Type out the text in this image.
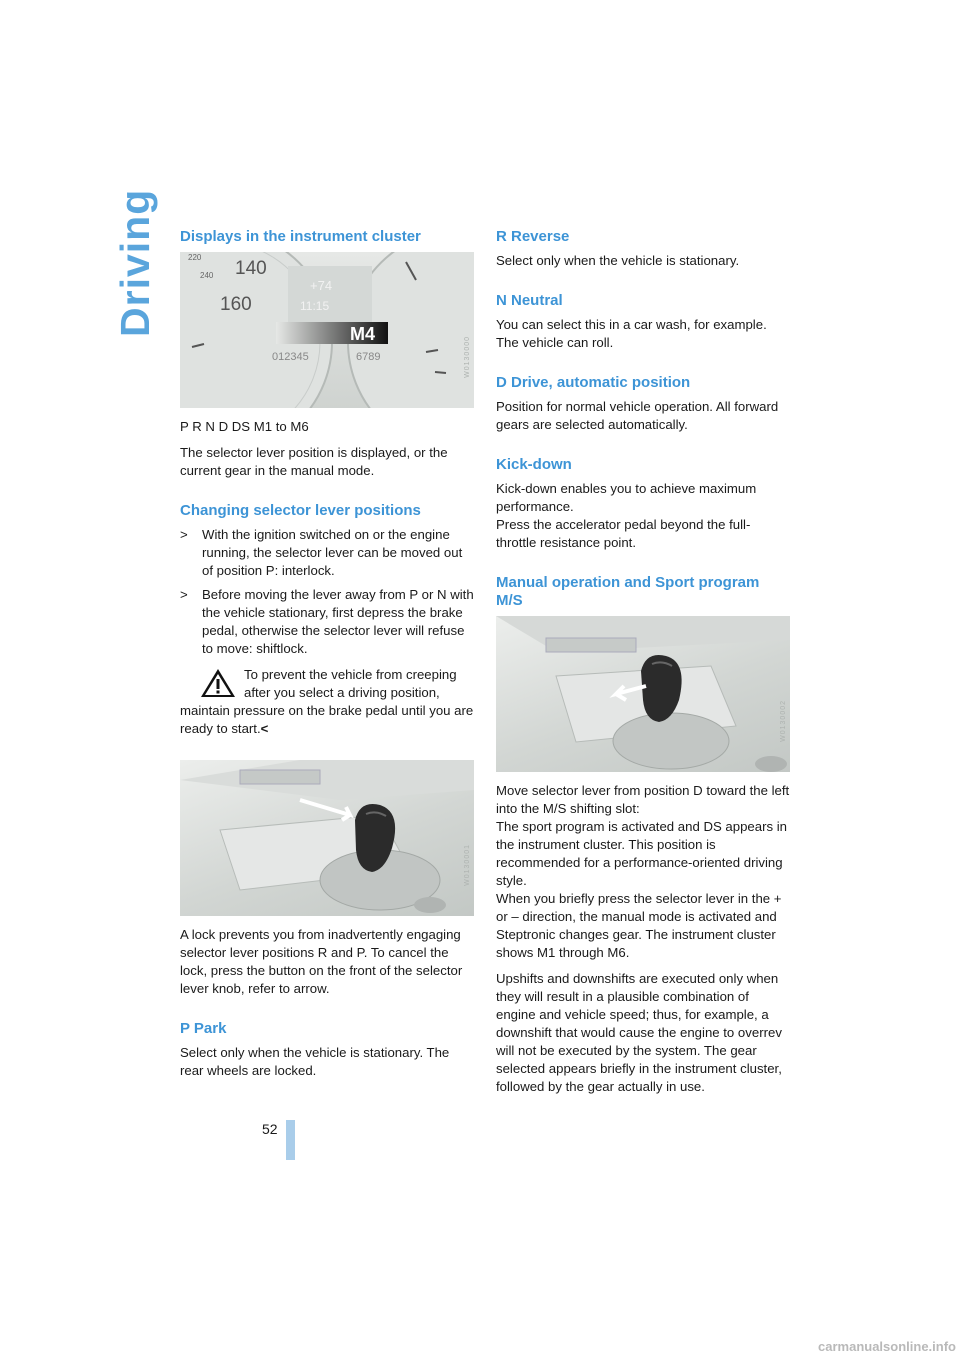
Driving Displays in the instrument cluster
140
160
220
240
+74
11:15
M4
012345	6789	W0130000

P R N D DS M1 to M6

The selector lever position is displayed, or the current gear in the manual mode.

Changing selector lever positions
> With the ignition switched on or the engine running, the selector lever can be moved out of position P: interlock.
> Before moving the lever away from P or N with the vehicle stationary, first depress the brake pedal, otherwise the selector lever will refuse to move: shiftlock.
To prevent the vehicle from creeping after you select a driving position, maintain pressure on the brake pedal until you are ready to start.<
W0130001

A lock prevents you from inadvertently engaging selector lever positions R and P. To cancel the lock, press the button on the front of the selector lever knob, refer to arrow.

P Park

Select only when the vehicle is stationary. The rear wheels are locked.

R Reverse

Select only when the vehicle is stationary.

N Neutral

You can select this in a car wash, for example. The vehicle can roll.

D Drive, automatic position

Position for normal vehicle operation. All forward gears are selected automatically.

Kick-down

Kick-down enables you to achieve maximum performance.

Press the accelerator pedal beyond the full-throttle resistance point.

Manual operation and Sport program M/S
W0130002

Move selector lever from position D toward the left into the M/S shifting slot:

The sport program is activated and DS appears in the instrument cluster. This position is recommended for a performance-oriented driving style.

When you briefly press the selector lever in the + or – direction, the manual mode is activated and Steptronic changes gear. The instrument cluster shows M1 through M6.

Upshifts and downshifts are executed only when they will result in a plausible combination of engine and vehicle speed; thus, for example, a downshift that would cause the engine to overrev will not be executed by the system. The gear selected appears briefly in the instrument cluster, followed by the gear actually in use.

52
carmanualsonline.info
